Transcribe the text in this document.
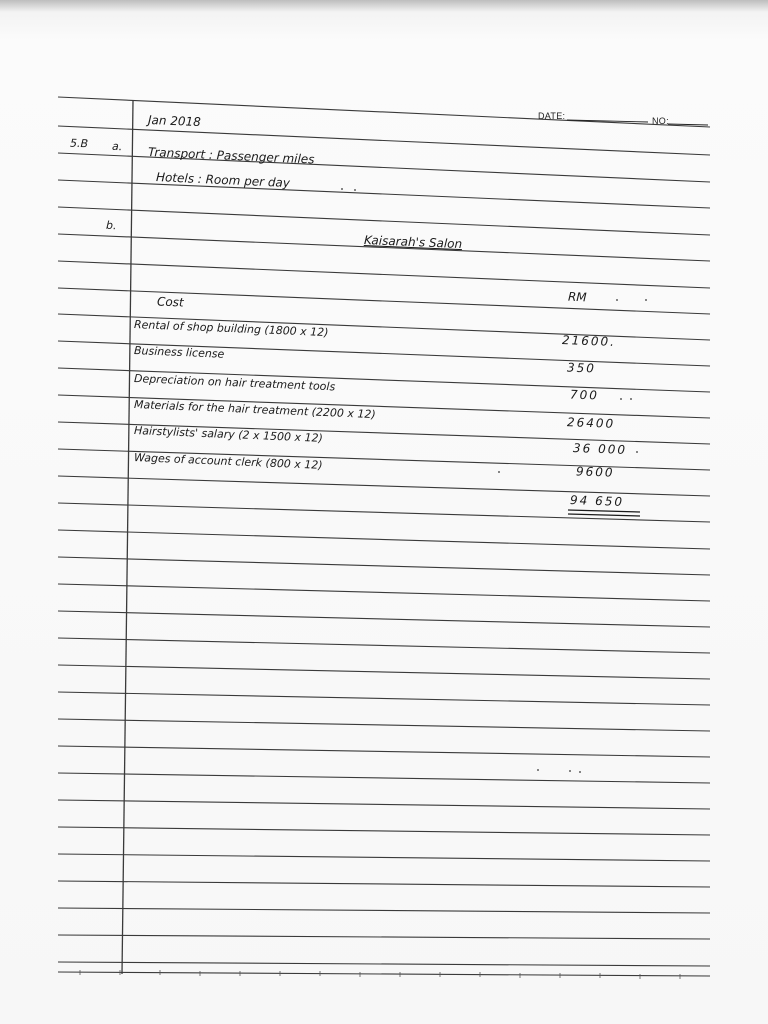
DATE:	NO:
Jan 2018
5.B a. Transport : Passenger miles
Hotels : Room per day
b.
Kaisarah's Salon
Cost	RM
Rental of shop building (1800 x 12)
21600.
Business license
350
Depreciation on hair treatment tools
700
Materials for the hair treatment (2200 x 12)
26400
Hairstylists' salary (2 x 1500 x 12)
36 000
Wages of account clerk (800 x 12)
9600
94 650
